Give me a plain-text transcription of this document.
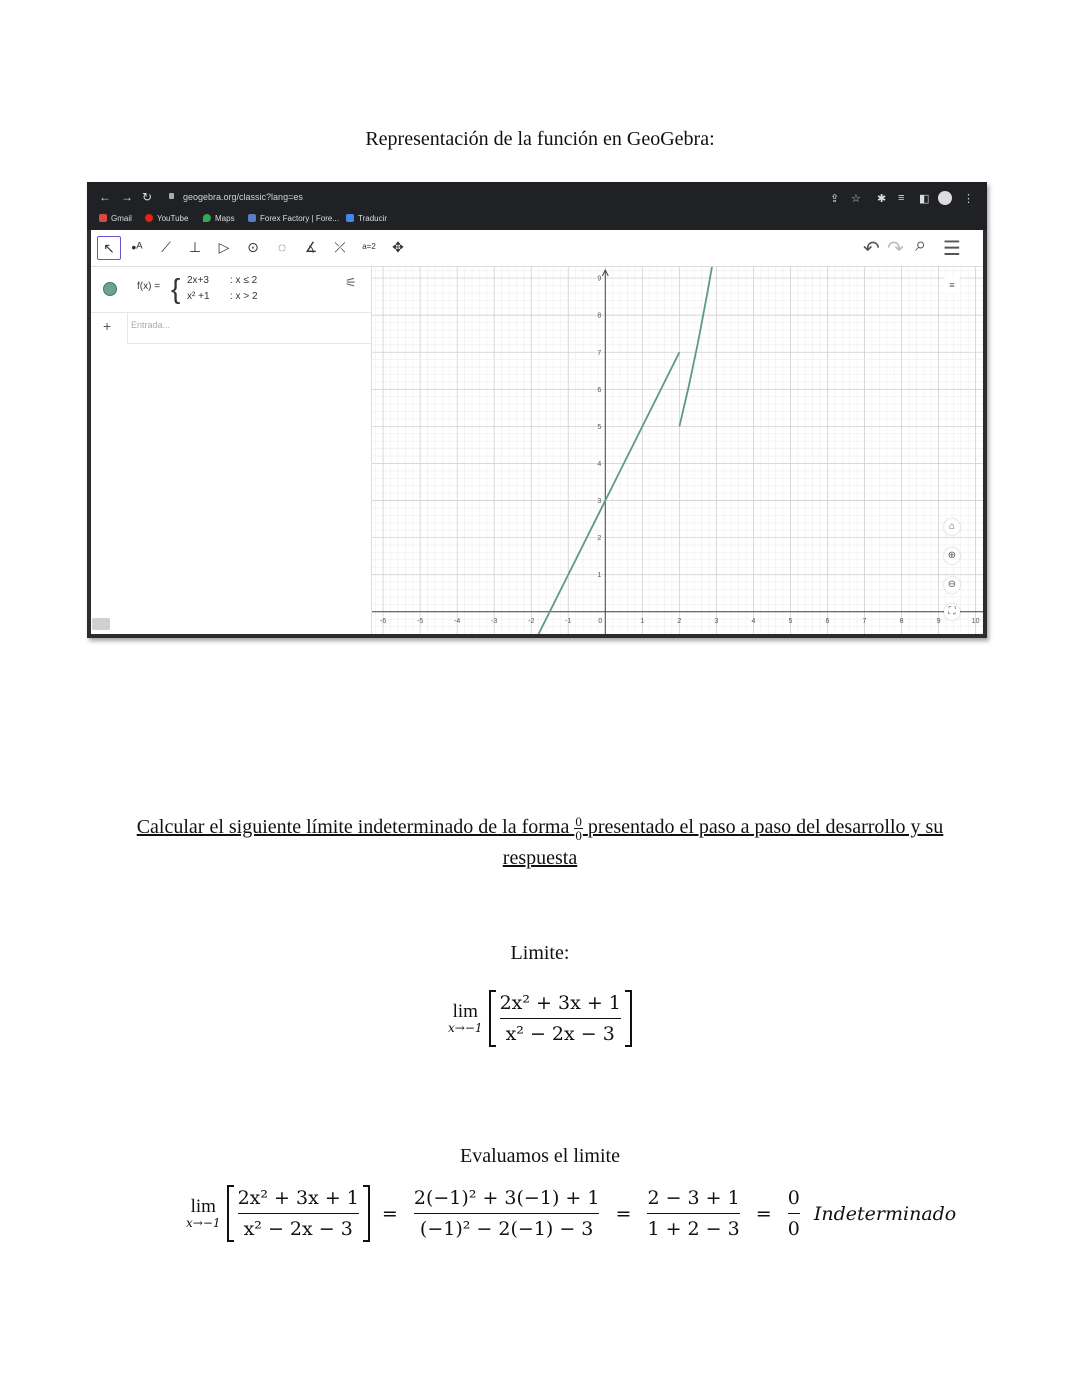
Representación de la función en GeoGebra:
← → ↻	geogebra.org/classic?lang=es
Gmail	YouTube	Maps	Forex Factory | Fore...	Traducir
⇪ ☆ ✱ ≡ ◧	⋮
↖	•ᴬ	⟋	⊥	▷	⊙	◌	∡	⤫	a=2	✥	↶ ↷ ⌕ ☰
f(x) = { 2x+3 : x ≤ 2
x² +1 : x > 2
⚟
+ Entrada...
-6	-5	-4	-3	-2	-1	0	1	2	3	4	5	6	7	8	9	10
1
2
3
4
5
6
7
8
9
≡
⌂
⊕
⊖
⛶
Calcular el siguiente límite indeterminado de la forma $\frac{0}{0}$ presentado el paso a paso del desarrollo y su
respuesta
Limite:
lim
x→−1
$\frac{\text{2x² + 3x + 1}}{\text{x² − 2x − 3}}$
Evaluamos el limite
lim
x→−1
$\frac{\text{2x² + 3x + 1}}{\text{x² − 2x − 3}} = \frac{\text{2(−1)² + 3(−1) + 1}}{\text{(−1)² − 2(−1) − 3}} = \frac{2 - 3 + 1}{1 + 2 - 3} = \frac{0}{0}$ Indeterminado
